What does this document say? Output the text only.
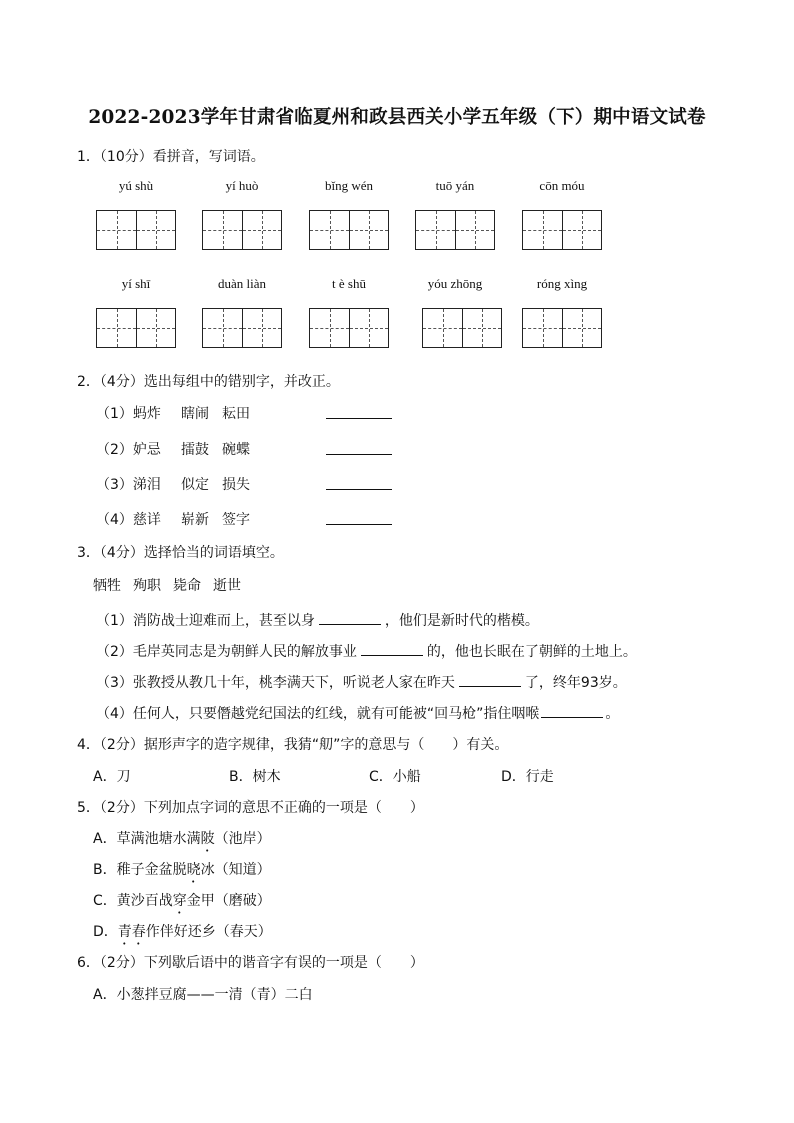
2022-2023学年甘肃省临夏州和政县西关小学五年级（下）期中语文试卷
1．（10分）看拼音，写词语。
yú shù	yí huò	bǐng wén	tuō yán	cōn móu
yí shī	duàn liàn	t è shū	yóu zhōng	róng xìng
2．（4分）选出每组中的错别字，并改正。
（1）蚂炸 瞎闹 耘田
（2）妒忌 擂鼓 碗蝶
（3）涕泪 似定 损失
（4）慈详 崭新 签字
3．（4分）选择恰当的词语填空。
牺牲 殉职 毙命 逝世
（1）消防战士迎难而上，甚至以身	，他们是新时代的楷模。
（2）毛岸英同志是为朝鲜人民的解放事业	的，他也长眠在了朝鲜的土地上。
（3）张教授从教几十年，桃李满天下，听说老人家在昨天	了，终年93岁。
（4）任何人，只要僭越党纪国法的红线，就有可能被“回马枪”指住咽喉	。
4．（2分）据形声字的造字规律，我猜“舠”字的意思与（　　）有关。
A．刀	B．树木	C．小船	D．行走
5．（2分）下列加点字词的意思不正确的一项是（　　）
A．草满池塘水满陂（池岸）
B．稚子金盆脱晓冰（知道）
C．黄沙百战穿金甲（磨破）
D．青春作伴好还乡（春天）
6．（2分）下列歇后语中的谐音字有误的一项是（　　）
A．小葱拌豆腐——一清（青）二白
